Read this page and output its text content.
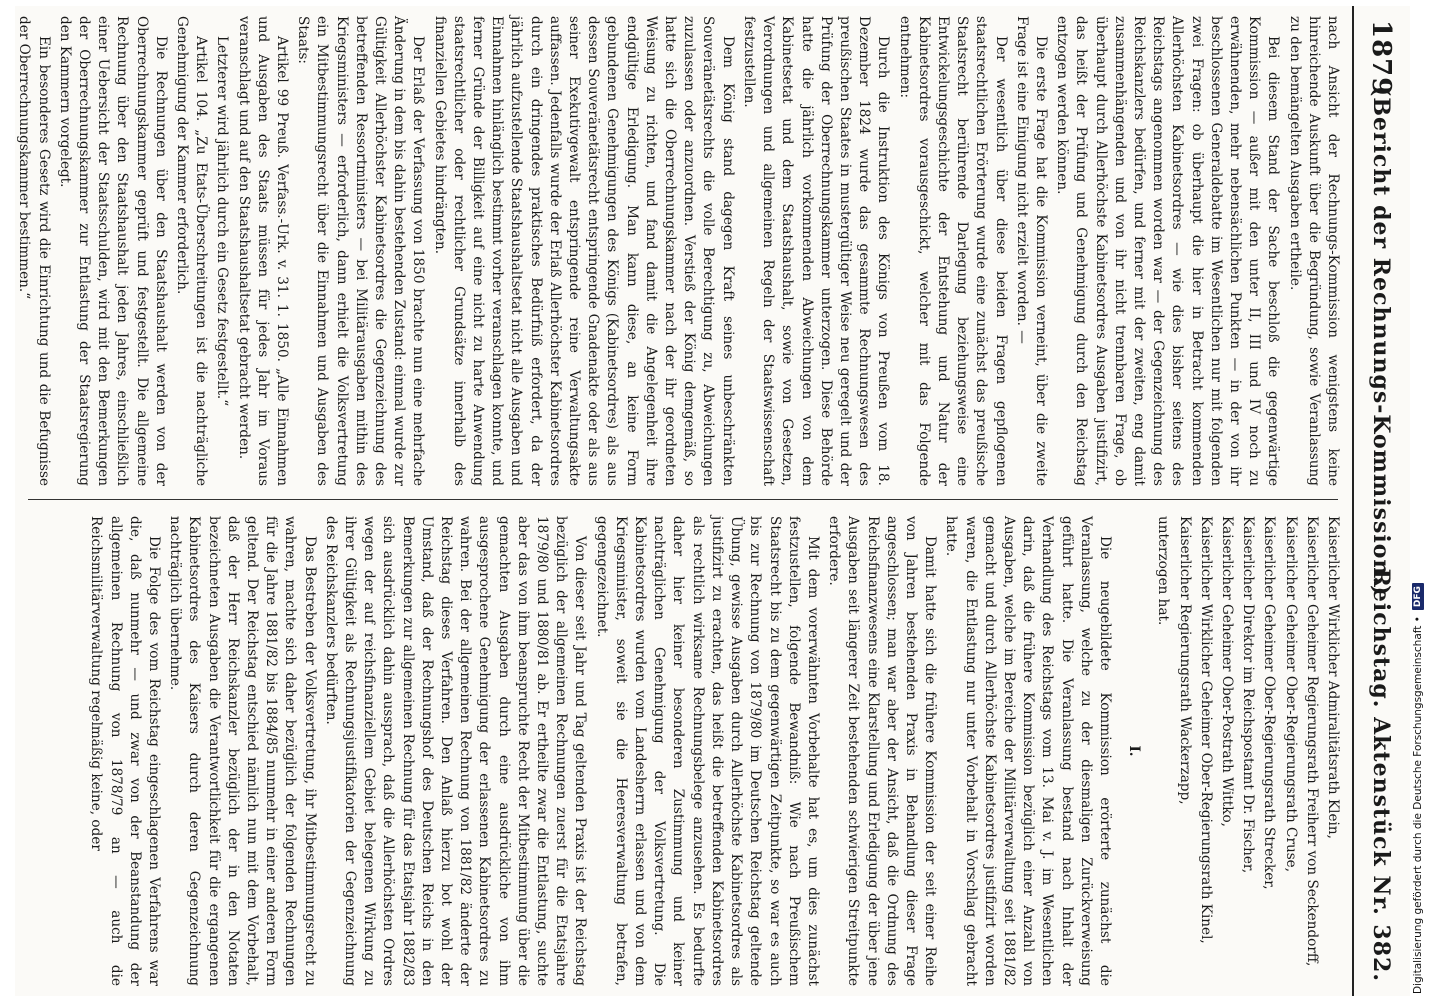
1879
(Bericht der Rechnungs-Kommission.)
Reichstag. Aktenstück Nr. 382.

nach Ansicht der Rechnungs-Kommission wenigstens keine hinreichende Auskunft über die Begründung, sowie Veranlassung zu den bemängelten Ausgaben ertheile.

Bei diesem Stand der Sache beschloß die gegenwärtige Kommission — außer mit den unter II, III und IV noch zu erwähnenden, mehr nebensächlichen Punkten — in der von ihr beschlossenen Generaldebatte im Wesentlichen nur mit folgenden zwei Fragen: ob überhaupt die hier in Betracht kommenden Allerhöchsten Kabinetsordres — wie dies bisher seitens des Reichstags angenommen worden war — der Gegenzeichnung des Reichskanzlers bedürfen, und ferner mit der zweiten, eng damit zusammenhängenden und von ihr nicht trennbaren Frage, ob überhaupt durch Allerhöchste Kabinetsordres Ausgaben justifizirt, das heißt der Prüfung und Genehmigung durch den Reichstag entzogen werden können.

Die erste Frage hat die Kommission verneint, über die zweite Frage ist eine Einigung nicht erzielt worden. —

Der wesentlich über diese beiden Fragen gepflogenen staatsrechtlichen Erörterung wurde eine zunächst das preußische Staatsrecht berührende Darlegung beziehungsweise eine Entwickelungsgeschichte der Entstehung und Natur der Kabinetsordres vorausgeschickt, welcher mit das Folgende entnehmen:

Durch die Instruktion des Königs von Preußen vom 18. Dezember 1824 wurde das gesammte Rechnungswesen des preußischen Staates in mustergültiger Weise neu geregelt und der Prüfung der Oberrechnungskammer unterzogen. Diese Behörde hatte die jährlich vorkommenden Abweichungen von dem Kabinetsetat und dem Staatshaushalt, sowie von Gesetzen, Verordnungen und allgemeinen Regeln der Staatswissenschaft festzustellen.

Dem König stand dagegen Kraft seines unbeschränkten Souveränetätsrechts die volle Berechtigung zu, Abweichungen zuzulassen oder anzuordnen. Verstieß der König demgemäß, so hatte sich die Oberrechnungskammer nach der ihr geordneten Weisung zu richten, und fand damit die Angelegenheit ihre endgültige Erledigung. Man kann diese, an keine Form gebundenen Genehmigungen des Königs (Kabinetsordres) als aus dessen Souveränetätsrecht entspringende Gnadenakte oder als aus seiner Exekutivgewalt entspringende reine Verwaltungsakte auffassen. Jedenfalls wurde der Erlaß Allerhöchster Kabinetsordres durch ein dringendes praktisches Bedürfniß erfordert, da der jährlich aufzustellende Staatshaushaltsetat nicht alle Ausgaben und Einnahmen hinlänglich bestimmt vorher veranschlagen konnte, und ferner Gründe der Billigkeit auf eine nicht zu harte Anwendung staatsrechtlicher oder rechtlicher Grundsätze innerhalb des finanziellen Gebietes hindrängten.

Der Erlaß der Verfassung von 1850 brachte nun eine mehrfache Änderung in dem bis dahin bestehenden Zustand: einmal wurde zur Gültigkeit Allerhöchster Kabinetsordres die Gegenzeichnung des betreffenden Ressortministers — bei Militärausgaben mithin des Kriegsministers — erforderlich, dann erhielt die Volksvertretung ein Mitbestimmungsrecht über die Einnahmen und Ausgaben des Staats:

Artikel 99 Preuß. Verfass.-Urk. v. 31. 1. 1850. „Alle Einnahmen und Ausgaben des Staats müssen für jedes Jahr im Voraus veranschlagt und auf den Staatshaushaltsetat gebracht werden.

Letzterer wird jährlich durch ein Gesetz festgestellt.“

Artikel 104. „Zu Etats-Überschreitungen ist die nachträgliche Genehmigung der Kammer erforderlich.

Die Rechnungen über den Staatshaushalt werden von der Oberrechnungskammer geprüft und festgestellt. Die allgemeine Rechnung über den Staatshaushalt jeden Jahres, einschließlich einer Uebersicht der Staatsschulden, wird mit den Bemerkungen der Oberrechnungskammer zur Entlastung der Staatsregierung den Kammern vorgelegt.

Ein besonderes Gesetz wird die Einrichtung und die Befugnisse der Oberrechnungskammer bestimmen.“

Kaiserlicher Wirklicher Admiralitätsrath Klein,

Kaiserlicher Geheimer Regierungsrath Freiherr von Seckendorff,

Kaiserlicher Geheimer Ober-Regierungsrath Cruse,

Kaiserlicher Geheimer Ober-Regierungsrath Strecker,

Kaiserlicher Direktor im Reichspostamt Dr. Fischer,

Kaiserlicher Geheimer Ober-Postrath Wittko,

Kaiserlicher Wirklicher Geheimer Ober-Regierungsrath Kinel,

Kaiserlicher Regierungsrath Wackerzapp,

unterzogen hat.

I.

Die neugebildete Kommission erörterte zunächst die Veranlassung, welche zu der diesmaligen Zurückverweisung geführt hatte. Die Veranlassung bestand nach Inhalt der Verhandlung des Reichstags vom 13. Mai v. J. im Wesentlichen darin, daß die frühere Kommission bezüglich einer Anzahl von Ausgaben, welche im Bereiche der Militärverwaltung seit 1881/82 gemacht und durch Allerhöchste Kabinetsordres justifizirt worden waren, die Entlastung nur unter Vorbehalt in Vorschlag gebracht hatte.

Damit hatte sich die frühere Kommission der seit einer Reihe von Jahren bestehenden Praxis in Behandlung dieser Frage angeschlossen; man war aber der Ansicht, daß die Ordnung des Reichsfinanzwesens eine Klarstellung und Erledigung der über jene Ausgaben seit längerer Zeit bestehenden schwierigen Streitpunkte erfordere.

Mit dem vorerwähnten Vorbehalte hat es, um dies zunächst festzustellen, folgende Bewandniß: Wie nach Preußischem Staatsrecht bis zu dem gegenwärtigen Zeitpunkte, so war es auch bis zur Rechnung von 1879/80 im Deutschen Reichstag geltende Übung, gewisse Ausgaben durch Allerhöchste Kabinetsordres als justifizirt zu erachten, das heißt die betreffenden Kabinetsordres als rechtlich wirksame Rechnungsbelege anzusehen. Es bedurfte daher hier keiner besonderen Zustimmung und keiner nachträglichen Genehmigung der Volksvertretung. Die Kabinetsordres wurden vom Landesherrn erlassen und von dem Kriegsminister, soweit sie die Heeresverwaltung betrafen, gegengezeichnet.

Von dieser seit Jahr und Tag geltenden Praxis ist der Reichstag bezüglich der allgemeinen Rechnungen zuerst für die Etatsjahre 1879/80 und 1880/81 ab. Er ertheilte zwar die Entlastung, suchte aber das von ihm beanspruchte Recht der Mitbestimmung über die gemachten Ausgaben durch eine ausdrückliche von ihm ausgesprochene Genehmigung der erlassenen Kabinetsordres zu wahren. Bei der allgemeinen Rechnung von 1881/82 änderte der Reichstag dieses Verfahren. Den Anlaß hierzu bot wohl der Umstand, daß der Rechnungshof des Deutschen Reichs in den Bemerkungen zur allgemeinen Rechnung für das Etatsjahr 1882/83 sich ausdrücklich dahin aussprach, daß die Allerhöchsten Ordres wegen der auf reichsfinanziellem Gebiet belegenen Wirkung zu ihrer Gültigkeit als Rechnungsjustifikatorien der Gegenzeichnung des Reichskanzlers bedürften.

Das Bestreben der Volksvertretung, ihr Mitbestimmungsrecht zu wahren, machte sich daher bezüglich der folgenden Rechnungen für die Jahre 1881/82 bis 1884/85 nunmehr in einer anderen Form geltend. Der Reichstag entschied nämlich nun mit dem Vorbehalt, daß der Herr Reichskanzler bezüglich der in den Notaten bezeichneten Ausgaben die Verantwortlichkeit für die ergangenen Kabinetsordres des Kaisers durch deren Gegenzeichnung nachträglich übernehme.

Die Folge des vom Reichstag eingeschlagenen Verfahrens war die, daß nunmehr — und zwar von der Beanstandung der allgemeinen Rechnung von 1878/79 an — auch die Reichsmilitärverwaltung regelmäßig keine, oder	Digitalisierung gefördert durch die Deutsche Forschungsgemeinschaft •
DFG
